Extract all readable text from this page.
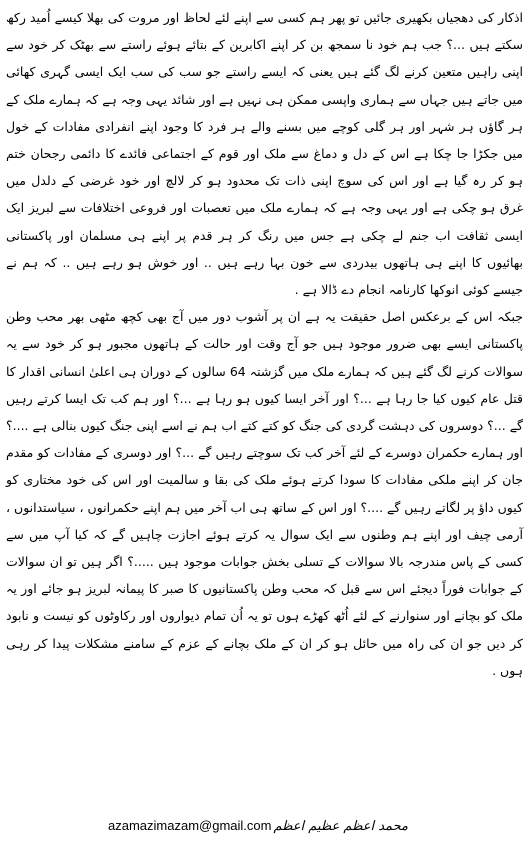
اذکار کی دھجیاں بکھیری جائیں تو پھر ہم کسی سے اپنے لئے لحاظ اور مروت کی بھلا کیسے اُمید رکھ سکتے ہیں ...؟ جب ہم خود نا سمجھ بن کر اپنے اکابرین کے بتائے ہوئے راستے سے بھٹک کر خود سے اپنی راہیں متعین کرنے لگ گئے ہیں یعنی کہ ایسے راستے جو سب کی سب ایک ایسی گہری کھائی میں جاتے ہیں جہاں سے ہماری واپسی ممکن ہی نہیں ہے اور شائد یہی وجہ ہے کہ ہمارے ملک کے ہر گاؤں ہر شہر اور ہر گلی کوچے میں بسنے والے ہر فرد کا وجود اپنے انفرادی مفادات کے خول میں جکڑا جا چکا ہے اس کے دل و دماغ سے ملک اور قوم کے اجتماعی فائدے کا دائمی رجحان ختم ہو کر رہ گیا ہے اور اس کی سوچ اپنی ذات تک محدود ہو کر لالچ اور خود غرضی کے دلدل میں غرق ہو چکی ہے اور یہی وجہ ہے کہ ہمارے ملک میں تعصبات اور فروعی اختلافات سے لبریز ایک ایسی ثقافت اب جنم لے چکی ہے جس میں رنگ کر ہر قدم پر اپنے ہی مسلمان اور پاکستانی بھائیوں کا اپنے ہی ہاتھوں بیدردی سے خون بہا رہے ہیں .. اور خوش ہو رہے ہیں .. کہ ہم نے جیسے کوئی انوکھا کارنامہ انجام دے ڈالا ہے .

جبکہ اس کے برعکس اصل حقیقت یہ ہے ان پر آشوب دور میں آج بھی کچھ مٹھی بھر محب وطن پاکستانی ایسے بھی ضرور موجود ہیں جو آج وقت اور حالت کے ہاتھوں مجبور ہو کر خود سے یہ سوالات کرنے لگ گئے ہیں کہ ہمارے ملک میں گزشتہ 64 سالوں کے دوران ہی اعلیٰ انسانی اقدار کا قتل عام کیوں کیا جا رہا ہے ...؟ اور آخر ایسا کیوں ہو رہا ہے ...؟ اور ہم کب تک ایسا کرتے رہیں گے ...؟ دوسروں کی دہشت گردی کی جنگ کو کتے کتے اب ہم نے اسے اپنی جنگ کیوں بنالی ہے ....؟ اور ہمارے حکمران دوسرے کے لئے آخر کب تک سوچتے رہیں گے ...؟ اور دوسری کے مفادات کو مقدم جان کر اپنے ملکی مفادات کا سودا کرتے ہوئے ملک کی بقا و سالمیت اور اس کی خود مختاری کو کیوں داؤ پر لگاتے رہیں گے ....؟ اور اس کے ساتھ ہی اب آخر میں ہم اپنے حکمرانوں ، سیاستدانوں ، آرمی چیف اور اپنے ہم وطنوں سے ایک سوال یہ کرتے ہوئے اجازت چاہیں گے کہ کیا آپ میں سے کسی کے پاس مندرجہ بالا سوالات کے تسلی بخش جوابات موجود ہیں .....؟ اگر ہیں تو ان سوالات کے جوابات فوراً دیجئے اس سے قبل کہ محب وطن پاکستانیوں کا صبر کا پیمانہ لبریز ہو جائے اور یہ ملک کو بچانے اور سنوارنے کے لئے اُٹھ کھڑے ہوں تو یہ اُن تمام دیواروں اور رکاوٹوں کو نیست و نابود کر دیں جو ان کی راہ میں حائل ہو کر ان کے ملک بچانے کے عزم کے سامنے مشکلات پیدا کر رہی ہوں .

azamazimazam@gmail.com محمد اعظم عظیم اعظم
